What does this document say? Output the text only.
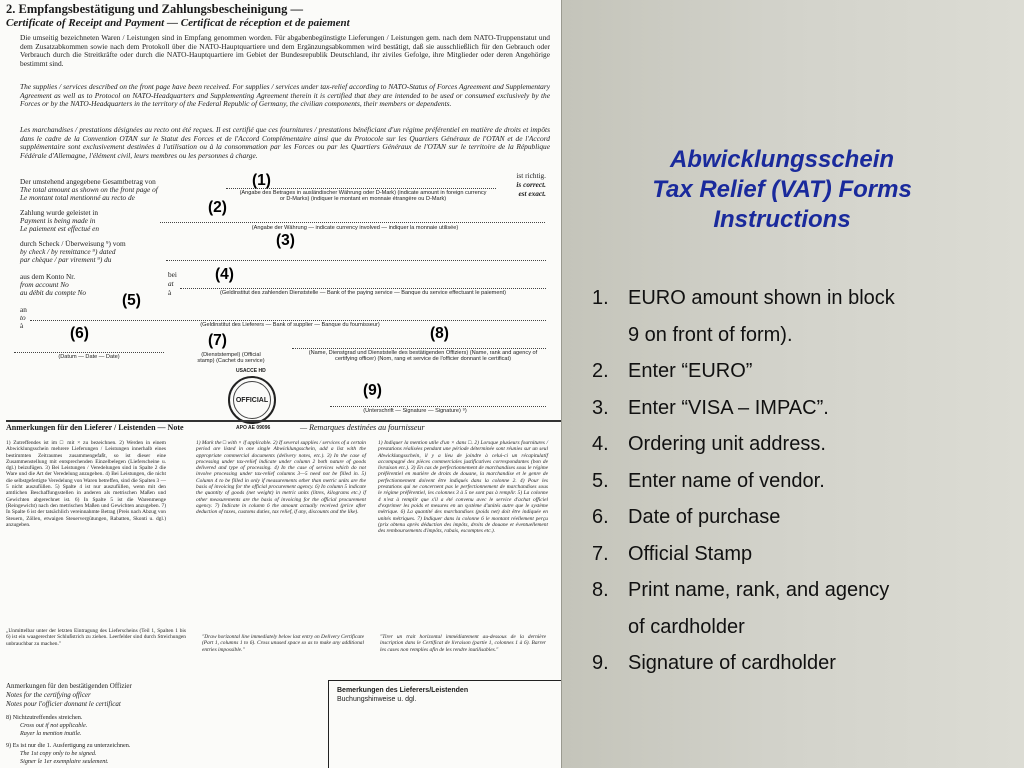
2. Empfangsbestätigung und Zahlungsbescheinigung —
Certificate of Receipt and Payment — Certificat de réception et de paiement
Die umseitig bezeichneten Waren / Leistungen sind in Empfang genommen worden. Für abgabenbegünstigte Lieferungen / Leistungen gem. nach dem NATO-Truppenstatut und dem Zusatzabkommen sowie nach dem Protokoll über die NATO-Hauptquartiere und dem Ergänzungsabkommen wird bestätigt, daß sie ausschließlich für den Gebrauch oder Verbrauch durch die Streitkräfte oder durch die NATO-Hauptquartiere im Gebiet der Bundesrepublik Deutschland, ihr ziviles Gefolge, ihre Mitglieder oder deren Angehörige bestimmt sind.
The supplies / services described on the front page have been received. For supplies / services under tax-relief according to NATO-Status of Forces Agreement and Supplementary Agreement as well as to Protocol on NATO-Headquarters and Supplementing Agreement therein it is certified that they are intended to be used or consumed exclusively by the Forces or by the NATO-Headquarters in the territory of the Federal Republic of Germany, the civilian components, their members or dependents.
Les marchandises / prestations désignées au recto ont été reçues. Il est certifié que ces fournitures / prestations bénéficiant d'un régime préférentiel en matière de droits et impôts dans le cadre de la Convention OTAN sur le Statut des Forces et de l'Accord Complémentaire ainsi que du Protocole sur les Quartiers Généraux de l'OTAN et de l'Accord supplémentaire sont exclusivement destinées à l'utilisation ou à la consommation par les Forces ou par les Quartiers Généraux de l'OTAN sur le territoire de la République Fédérale d'Allemagne, l'élément civil, leurs membres ou les personnes à charge.
Der umstehend angegebene Gesamtbetrag von
The total amount as shown on the front page of
Le montant total mentionné au recto de	(Angabe des Betrages in ausländischer Währung oder D-Mark) (indicate amount in foreign currency or D-Marks) (indiquer le montant en monnaie étrangère ou D-Mark)
ist richtig.
is correct.
est exact.
Zahlung wurde geleistet in
Payment is being made in
Le paiement est effectué en	(Angabe der Währung — indicate currency involved — indiquer la monnaie utilisée)
durch Scheck / Überweisung ⁹) vom
by check / by remittance ⁹) dated
par chèque / par virement ⁹) du
aus dem Konto Nr.
from account No
au débit du compte No
bei
at
à	(Geldinstitut des zahlenden Dienststelle — Bank of the paying service — Banque du service effectuant le paiement)
an
to
à	(Geldinstitut des Lieferers — Bank of supplier — Banque du fournisseur)
(Datum — Date — Date)	(Dienststempel) (Official stamp) (Cachet du service)
(Name, Dienstgrad und Dienststelle des bestätigenden Offiziers) (Name, rank and agency of certifying officer) (Nom, rang et service de l'officier donnant le certificat)
OFFICIAL
USACCE HD
APO AE 09096
(Unterschrift — Signature — Signature) ⁹)
(1)
(2)
(3)
(4)
(5)
(6)	(7)	(8)
(9)
Anmerkungen für den Lieferer / Leistenden — Note	— Remarques destinées au fournisseur
1) Zutreffendes ist im □ mit × zu bezeichnen. 2) Werden in einem Abwicklungsschein mehrere Lieferungen / Leistungen innerhalb eines bestimmten Zeitraumes zusammengefaßt, so ist dieser eine Zusammenstellung mit entsprechenden Einzelbelegen (Lieferscheine u. dgl.) beizufügen. 3) Bei Leistungen / Veredelungen sind in Spalte 2 die Ware und die Art der Veredelung anzugeben. 4) Bei Leistungen, die nicht die selbstgefertigte Veredelung von Waren betreffen, sind die Spalten 3 — 5 nicht auszufüllen. 5) Spalte 4 ist nur auszufüllen, wenn mit den amtlichen Beschaffungsstellen in anderen als metrischen Maßen und Gewichten abgerechnet ist. 6) In Spalte 5 ist die Warenmenge (Reingewicht) nach den metrischen Maßen und Gewichten anzugeben. 7) In Spalte 6 ist der tatsächlich vereinnahmte Betrag (Preis nach Abzug von Steuern, Zöllen, etwaigen Steuervergütungen, Rabatten, Skonti u. dgl.) anzugeben.
1) Mark the □ with × if applicable. 2) If several supplies / services of a certain period are listed in one single Abwicklungsschein, add a list with the appropriate commercial documents (delivery notes, etc.). 3) In the case of processing under tax-relief indicate under column 2 both nature of goods delivered and type of processing. 4) In the case of services which do not involve processing under tax-relief columns 3—5 need not be filled in. 5) Column 4 to be filled in only if measurements other than metric units are the basis of invoicing for the official procurement agency. 6) In column 5 indicate the quantity of goods (net weight) in metric units (litres, kilograms etc.) if other measurements are the basis of invoicing for the official procurement agency. 7) Indicate in column 6 the amount actually received (price after deduction of taxes, customs duties, tax relief, if any, discounts and the like).
1) Indiquer la mention utile d'un × dans □. 2) Lorsque plusieurs fournitures / prestations réalisées pendant une période déterminée sont réunies sur un seul Abwicklungsschein, il y a lieu de joindre à celui-ci un récapitulatif accompagné des pièces commerciales justificatives correspondantes (bon de livraison etc.). 3) En cas de perfectionnement de marchandises sous le régime préférentiel en matière de droits de douane, la marchandise et le genre de perfectionnement doivent être indiqués dans la colonne 2. 4) Pour les prestations qui ne concernent pas le perfectionnement de marchandises sous le régime préférentiel, les colonnes 3 à 5 ne sont pas à remplir. 5) La colonne 4 n'est à remplir que s'il a été convenu avec le service d'achat officiel d'exprimer les poids et mesures en un système d'unités autre que le système métrique. 6) La quantité des marchandises (poids net) doit être indiquée en unités métriques. 7) Indiquer dans la colonne 6 le montant réellement perçu (prix obtenu après déduction des impôts, droits de douane et éventuellement des remboursements d'impôts, rabais, escomptes etc.).
„Unmittelbar unter der letzten Eintragung des Lieferscheins (Teil 1, Spalten 1 bis 6) ist ein waagerechter Schlußstrich zu ziehen. Leerfelder sind durch Streichungen unbrauchbar zu machen."
"Draw horizontal line immediately below last entry on Delivery Certificate (Part 1, columns 1 to 6). Cross unused space so as to make any additional entries impossible."
"Tirer un trait horizontal immédiatement au-dessous de la dernière inscription dans le Certificat de livraison (partie 1, colonnes 1 à 6). Barrer les cases non remplies afin de les rendre inutilisables."
Anmerkungen für den bestätigenden Offizier
Notes for the certifying officer
Notes pour l'officier donnant le certificat
8) Nichtzutreffendes streichen.
Cross out if not applicable.
Rayer la mention inutile.
9) Es ist nur die 1. Ausfertigung zu unterzeichnen.
The 1st copy only to be signed.
Signer le 1er exemplaire seulement.
Bemerkungen des Lieferers/Leistenden
Buchungshinweise u. dgl.
Abwicklungsschein
Tax Relief (VAT) Forms
Instructions
1. EURO amount shown in block
9 on front of form).
2. Enter “EURO”
3. Enter “VISA – IMPAC”.
4. Ordering unit address.
5. Enter name of vendor.
6. Date of purchase
7. Official Stamp
8. Print name, rank, and agency
of cardholder
9. Signature of cardholder
